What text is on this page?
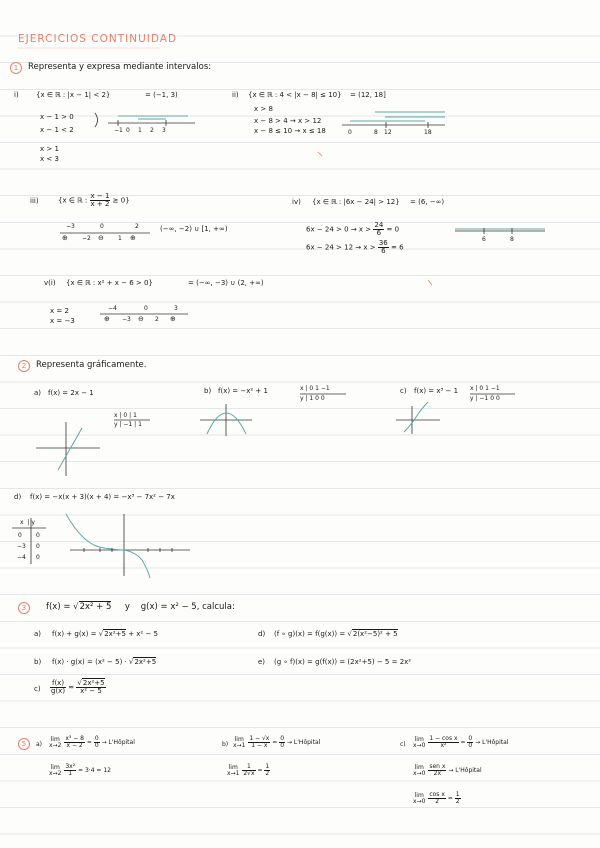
EJERCICIOS CONTINUIDAD
1	Representa y expresa mediante intervalos:
i) {x ∈ ℝ : |x − 1| < 2}	= (−1, 3)
x − 1 > 0
x − 1 < 2
x > 1
x < 3
−1 0 1 2 3
ii) {x ∈ ℝ : 4 < |x − 8| ≤ 10} = (12, 18]
x > 8
x − 8 > 4 → x > 12
x − 8 ≤ 10 → x ≤ 18	0	8 12	18
iii)	{x ∈ ℝ : $\frac{x - 1}{x + 2} \ge 0$}
−3	0	2
⊕ −2 ⊖ 1 ⊕
(−∞, −2) ∪ [1, +∞)
iv) {x ∈ ℝ : |6x − 24| > 12} = (6, −∞)
$6x - 24 > 0 \to x > \frac{24}{6} = 0$
$6x - 24 > 12 \to x > \frac{36}{6} = 6$
6	8
v(i) {x ∈ ℝ : x² + x − 6 > 0}	= (−∞, −3) ∪ (2, +∞)
x = 2
x = −3
−4	0	3
⊕ −3 ⊖ 2 ⊕
2	Representa gráficamente.
a) f(x) = 2x − 1
x | 0 | 1
y | −1 | 1
b) f(x) = −x² + 1	x | 0 1 −1
y | 1 0 0
c) f(x) = x³ − 1 x | 0 1 −1
y | −1 0 0
d) f(x) = −x(x + 3)(x + 4) = −x³ − 7x² − 7x
x  | y
0 0
−3 0
−4 0
3	f(x) = √2x² + 5 y g(x) = x² − 5, calcula:
a) f(x) + g(x) = √2x²+5 + x² − 5
b) f(x) · g(x) = (x² − 5) · √2x²+5
$c) \frac{f(x)}{g(x)} = \frac{\text{√2x²+5}}{\text{x² − 5}}$
d) (f ∘ g)(x) = f(g(x)) = √2(x²−5)² + 5
e) (g ∘ f)(x) = g(f(x)) = (2x²+5) − 5 = 2x²
5	a)
lim
x→2
$\frac{\text{x³ − 8}}{x - 2} = \frac{0}{0}$ → L'Hôpital
lim
x→2
$\frac{\text{3x²}}{1} = 3\cdot 4 = 12$
b)
lim
x→1
$\frac{1 - √x}{1 - x} = \frac{0}{0}$ → L'Hôpital
lim
x→1
$\frac{1}{2√x} = \frac{1}{2}$
c)
lim
x→0
$\frac{\text{1 − cos x}}{\text{x²}} = \frac{0}{0}$ → L'Hôpital
lim
x→0
$\frac{\text{sen x}}{2x}$ → L'Hôpital
lim
x→0
$\frac{\text{cos x}}{2} = \frac{1}{2}$
